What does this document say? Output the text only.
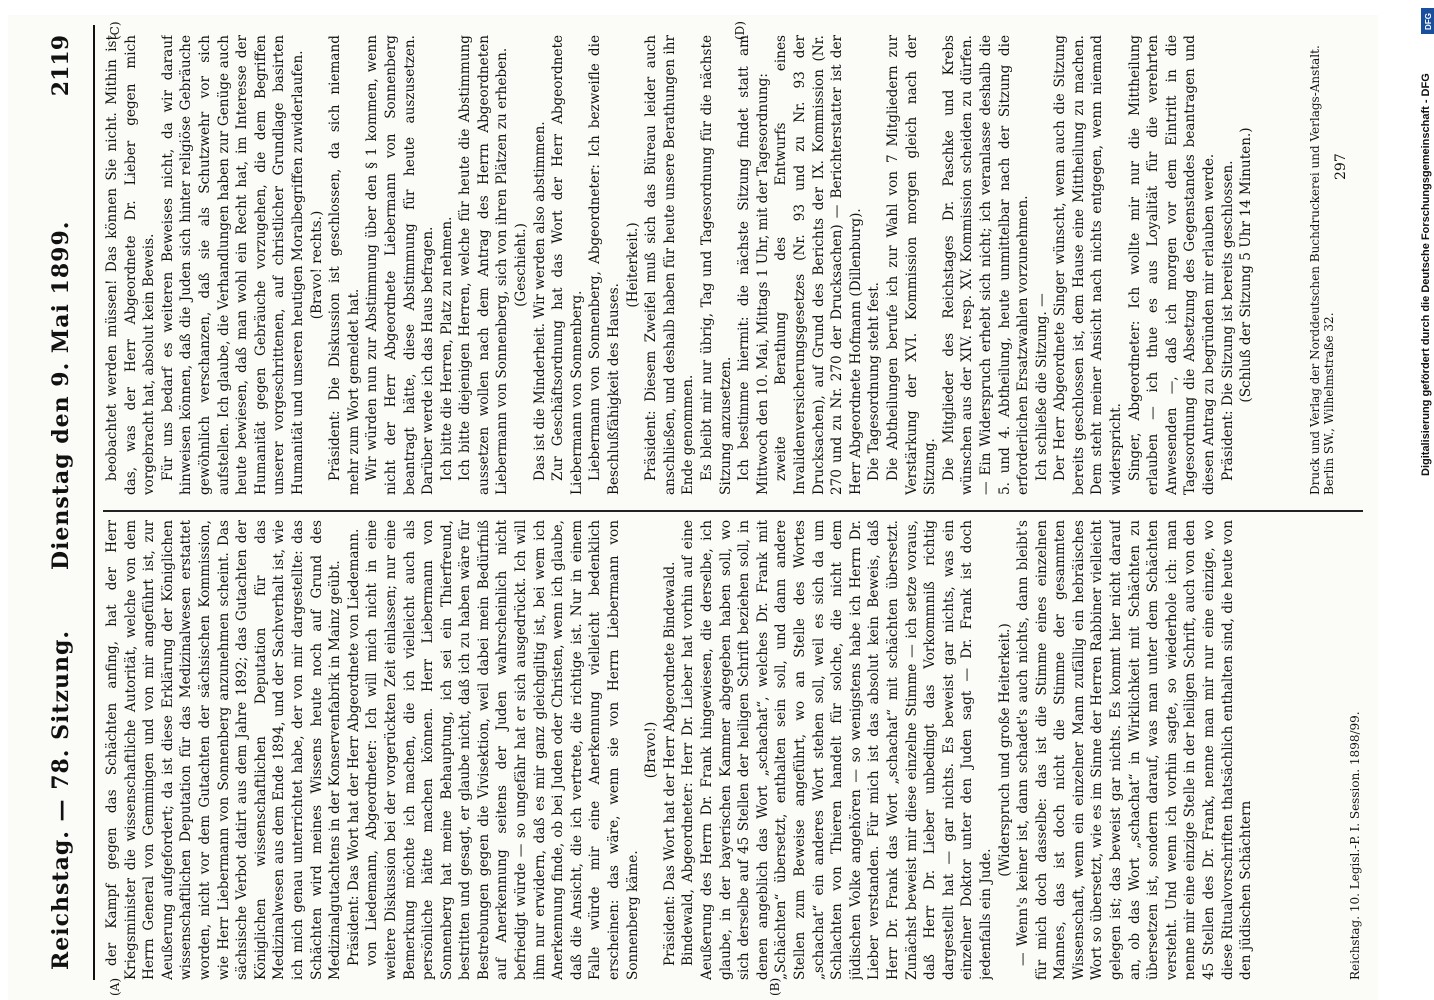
Reichstag. — 78. Sitzung.
Dienstag den 9. Mai 1899.
2119
(A)	(B)
(C)	(D)

der Kampf gegen das Schächten anfing, hat der Herr Kriegsminister die wissenschaftliche Autorität, welche von dem Herrn General von Gemmingen und von mir angeführt ist, zur Aeußerung aufgefordert; da ist diese Erklärung der Königlichen wissenschaftlichen Deputation für das Medizinalwesen erstattet worden, nicht vor dem Gutachten der sächsischen Kommission, wie Herr Liebermann von Sonnenberg anzunehmen scheint. Das sächsische Verbot datirt aus dem Jahre 1892; das Gutachten der Königlichen wissenschaftlichen Deputation für das Medizinalwesen aus dem Ende 1894, und der Sachverhalt ist, wie ich mich genau unterrichtet habe, der von mir dargestellte: das Schächten wird meines Wissens heute noch auf Grund des Medizinalgutachtens in der Konservenfabrik in Mainz geübt. Präsident: Das Wort hat der Herr Abgeordnete von Liedemann. von Liedemann, Abgeordneter: Ich will mich nicht in eine weitere Diskussion bei der vorgerückten Zeit einlassen; nur eine Bemerkung möchte ich machen, die ich vielleicht auch als persönliche hätte machen können. Herr Liebermann von Sonnenberg hat meine Behauptung, ich sei ein Thierfreund, bestritten und gesagt, er glaube nicht, daß ich zu haben wäre für Bestrebungen gegen die Vivisektion, weil dabei mein Bedürfniß auf Anerkennung seitens der Juden wahrscheinlich nicht befriedigt würde — so ungefähr hat er sich ausgedrückt. Ich will ihm nur erwidern, daß es mir ganz gleichgiltig ist, bei wem ich Anerkennung finde, ob bei Juden oder Christen, wenn ich glaube, daß die Ansicht, die ich vertrete, die richtige ist. Nur in einem Falle würde mir eine Anerkennung vielleicht bedenklich erscheinen: das wäre, wenn sie von Herrn Liebermann von Sonnenberg käme.

(Bravo!) Präsident: Das Wort hat der Herr Abgeordnete Bindewald. Bindewald, Abgeordneter: Herr Dr. Lieber hat vorhin auf eine Aeußerung des Herrn Dr. Frank hingewiesen, die derselbe, ich glaube, in der bayerischen Kammer abgegeben haben soll, wo sich derselbe auf 45 Stellen der heiligen Schrift beziehen soll, in denen angeblich das Wort „schachat“, welches Dr. Frank mit „Schächten“ übersetzt, enthalten sein soll, und dann andere Stellen zum Beweise angeführt, wo an Stelle des Wortes „schachat“ ein anderes Wort stehen soll, weil es sich da um Schlachten von Thieren handelt für solche, die nicht dem jüdischen Volke angehören — so wenigstens habe ich Herrn Dr. Lieber verstanden. Für mich ist das absolut kein Beweis, daß Herr Dr. Frank das Wort „schachat“ mit schächten übersetzt. Zunächst beweist mir diese einzelne Stimme — ich setze voraus, daß Herr Dr. Lieber unbedingt das Vorkommniß richtig dargestellt hat — gar nichts. Es beweist gar nichts, was ein einzelner Doktor unter den Juden sagt — Dr. Frank ist doch jedenfalls ein Jude.

(Widerspruch und große Heiterkeit.) — Wenn's keiner ist, dann schadet's auch nichts, dann bleibt's für mich doch dasselbe: das ist die Stimme eines einzelnen Mannes, das ist doch nicht die Stimme der gesammten Wissenschaft, wenn ein einzelner Mann zufällig ein hebräisches Wort so übersetzt, wie es im Sinne der Herren Rabbiner vielleicht gelegen ist; das beweist gar nichts. Es kommt hier nicht darauf an, ob das Wort „schachat“ in Wirklichkeit mit Schächten zu übersetzen ist, sondern darauf, was man unter dem Schächten versteht. Und wenn ich vorhin sagte, so wiederhole ich: man nenne mir eine einzige Stelle in der heiligen Schrift, auch von den 45 Stellen des Dr. Frank, nenne man mir nur eine einzige, wo diese Ritualvorschriften thatsächlich enthalten sind, die heute von den jüdischen Schächtern

beobachtet werden müssen! Das können Sie nicht. Mithin ist das, was der Herr Abgeordnete Dr. Lieber gegen mich vorgebracht hat, absolut kein Beweis. Für uns bedarf es weiteren Beweises nicht, da wir darauf hinweisen können, daß die Juden sich hinter religiöse Gebräuche gewöhnlich verschanzen, daß sie als Schutzwehr vor sich aufstellen. Ich glaube, die Verhandlungen haben zur Genüge auch heute bewiesen, daß man wohl ein Recht hat, im Interesse der Humanität gegen Gebräuche vorzugehen, die dem Begriffen unserer vorgeschrittenen, auf christlicher Grundlage basirten Humanität und unseren heutigen Moralbegriffen zuwiderlaufen. (Bravo! rechts.) Präsident: Die Diskussion ist geschlossen, da sich niemand mehr zum Wort gemeldet hat. Wir würden nun zur Abstimmung über den § 1 kommen, wenn nicht der Herr Abgeordnete Liebermann von Sonnenberg beantragt hätte, diese Abstimmung für heute auszusetzen. Darüber werde ich das Haus befragen. Ich bitte die Herren, Platz zu nehmen. Ich bitte diejenigen Herren, welche für heute die Abstimmung aussetzen wollen nach dem Antrag des Herrn Abgeordneten Liebermann von Sonnenberg, sich von ihren Plätzen zu erheben. (Geschieht.) Das ist die Minderheit. Wir werden also abstimmen. Zur Geschäftsordnung hat das Wort der Herr Abgeordnete Liebermann von Sonnenberg. Liebermann von Sonnenberg, Abgeordneter: Ich bezweifle die Beschlußfähigkeit des Hauses.

(Heiterkeit.) Präsident: Diesem Zweifel muß sich das Büreau leider auch anschließen, und deshalb haben für heute unsere Berathungen ihr Ende genommen. Es bleibt mir nur übrig, Tag und Tagesordnung für die nächste Sitzung anzusetzen. Ich bestimme hiermit: die nächste Sitzung findet statt am Mittwoch den 10. Mai, Mittags 1 Uhr, mit der Tagesordnung: zweite Berathung des Entwurfs eines Invalidenversicherungsgesetzes (Nr. 93 und zu Nr. 93 der Drucksachen), auf Grund des Berichts der IX. Kommission (Nr. 270 und zu Nr. 270 der Drucksachen) — Berichterstatter ist der Herr Abgeordnete Hofmann (Dillenburg). Die Tagesordnung steht fest. Die Abtheilungen berufe ich zur Wahl von 7 Mitgliedern zur Verstärkung der XVI. Kommission morgen gleich nach der Sitzung. Die Mitglieder des Reichstages Dr. Paschke und Krebs wünschen aus der XIV. resp. XV. Kommission scheiden zu dürfen. — Ein Widerspruch erhebt sich nicht; ich veranlasse deshalb die 5. und 4. Abtheilung, heute unmittelbar nach der Sitzung die erforderlichen Ersatzwahlen vorzunehmen. Ich schließe die Sitzung. — Der Herr Abgeordnete Singer wünscht, wenn auch die Sitzung bereits geschlossen ist, dem Hause eine Mittheilung zu machen. Dem steht meiner Ansicht nach nichts entgegen, wenn niemand widerspricht. Singer, Abgeordneter: Ich wollte mir nur die Mittheilung erlauben — ich thue es aus Loyalität für die verehrten Anwesenden —, daß ich morgen vor dem Eintritt in die Tagesordnung die Absetzung des Gegenstandes beantragen und diesen Antrag zu begründen mir erlauben werde. Präsident: Die Sitzung ist bereits geschlossen. (Schluß der Sitzung 5 Uhr 14 Minuten.)

Reichstag. 10. Legisl.-P. I. Session. 1898/99.
Druck und Verlag der Norddeutschen Buchdruckerei und Verlags-Anstalt. Berlin SW., Wilhelmstraße 32.
297
DFG
Digitalisierung gefördert durch die Deutsche Forschungsgemeinschaft - DFG
